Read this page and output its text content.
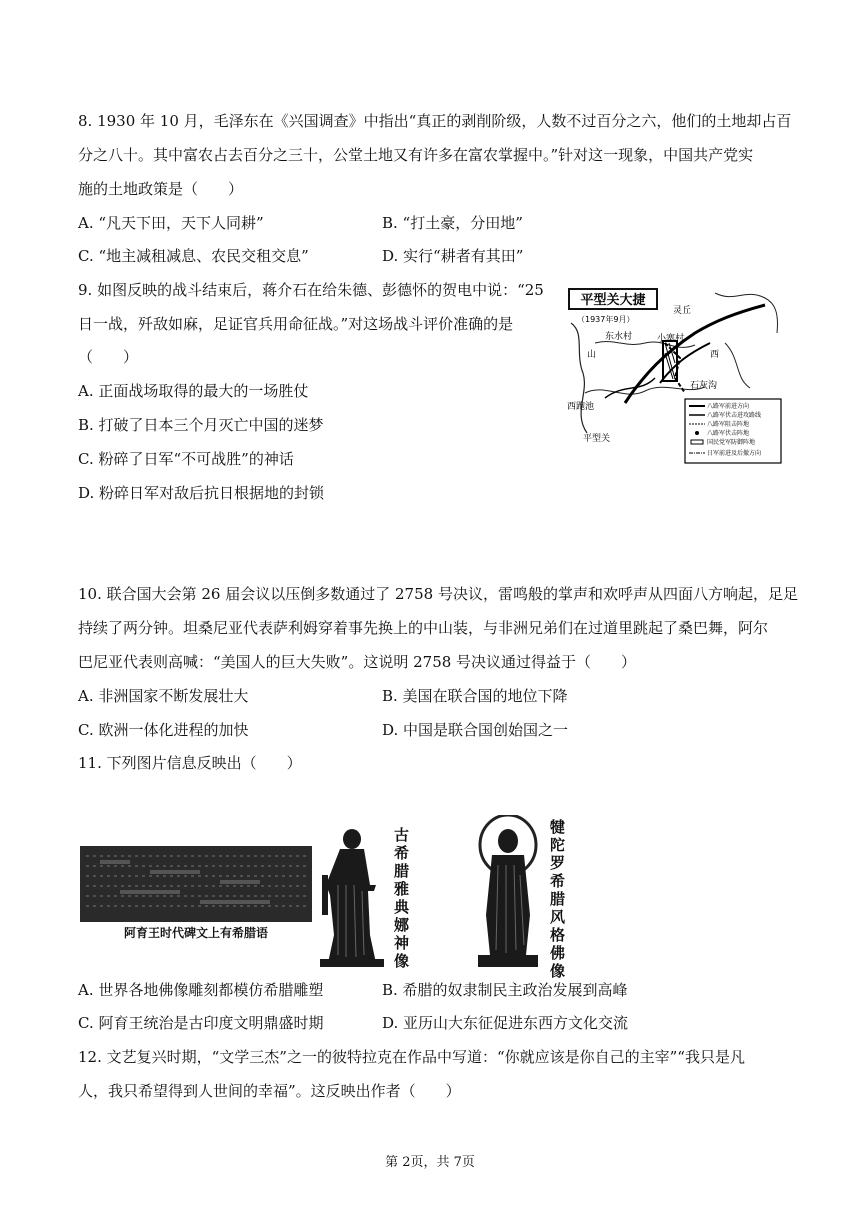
8. 1930 年 10 月，毛泽东在《兴国调查》中指出“真正的剥削阶级，人数不过百分之六，他们的土地却占百
分之八十。其中富农占去百分之三十，公堂土地又有许多在富农掌握中。”针对这一现象，中国共产党实
施的土地政策是（　　）
A. “凡天下田，天下人同耕”	B. “打土豪，分田地”
C. “地主减租减息、农民交租交息”	D. 实行“耕者有其田”
9. 如图反映的战斗结束后，蒋介石在给朱德、彭德怀的贺电中说：“25
日一战，歼敌如麻，足证官兵用命征战。”对这场战斗评价准确的是
（　　）
A. 正面战场取得的最大的一场胜仗
B. 打破了日本三个月灭亡中国的迷梦
C. 粉碎了日军“不可战胜”的神话
D. 粉碎日军对敌后抗日根据地的封锁
平型关大捷
（1937年9月）
灵丘
东水村	小寨村
山	西
石灰沟
西跑池
平型关
八路军前进方向
八路军伏击进攻路线
八路军阻击阵地
八路军伏击阵地
国民党军防御阵地
日军前进及后撤方向
10. 联合国大会第 26 届会议以压倒多数通过了 2758 号决议，雷鸣般的掌声和欢呼声从四面八方响起，足足
持续了两分钟。坦桑尼亚代表萨利姆穿着事先换上的中山装，与非洲兄弟们在过道里跳起了桑巴舞，阿尔
巴尼亚代表则高喊：“美国人的巨大失败”。这说明 2758 号决议通过得益于（　　）
A. 非洲国家不断发展壮大	B. 美国在联合国的地位下降
C. 欧洲一体化进程的加快	D. 中国是联合国创始国之一
11. 下列图片信息反映出（　　）
阿育王时代碑文上有希腊语
古希腊雅典娜神像
犍陀罗希腊风格佛像
A. 世界各地佛像雕刻都模仿希腊雕塑	B. 希腊的奴隶制民主政治发展到高峰
C. 阿育王统治是古印度文明鼎盛时期	D. 亚历山大东征促进东西方文化交流
12. 文艺复兴时期，“文学三杰”之一的彼特拉克在作品中写道：“你就应该是你自己的主宰”“我只是凡
人，我只希望得到人世间的幸福”。这反映出作者（　　）
第 2页，共 7页
